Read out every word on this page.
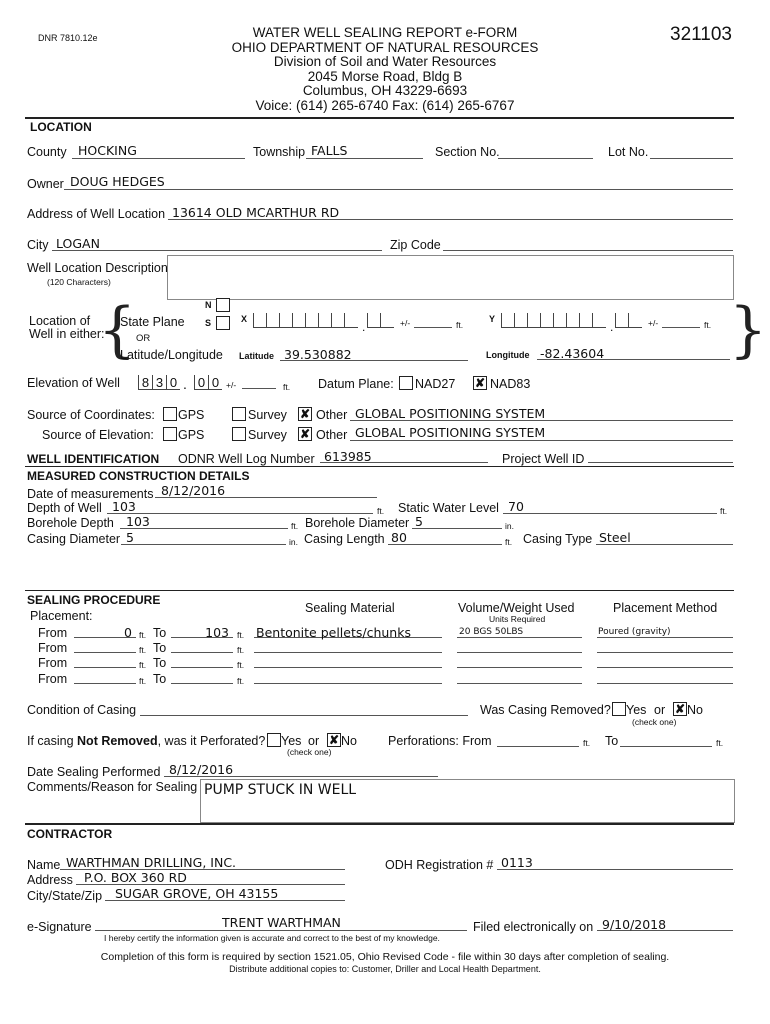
DNR 7810.12e	321103
WATER WELL SEALING REPORT e-FORM
OHIO DEPARTMENT OF NATURAL RESOURCES
Division of Soil and Water Resources
2045 Morse Road, Bldg B
Columbus, OH 43229-6693
Voice: (614) 265-6740 Fax: (614) 265-6767
LOCATION
County HOCKING	Township FALLS	Section No.	Lot No.
Owner DOUG HEDGES
Address of Well Location 13614 OLD MCARTHUR RD
City LOGAN	Zip Code
Well Location Description
(120 Characters)
Location of
Well in either:
{
State Plane
OR
Latitude/Longitude
N
S	X	+/-	ft.
Y	+/-	ft. }
Latitude 39.530882	Longitude -82.43604
Elevation of Well	.	+/-	ft. Datum Plane: NAD27 ✘ NAD83
Source of Coordinates: GPS	Survey ✘ Other GLOBAL POSITIONING SYSTEM
Source of Elevation: GPS	Survey ✘ Other GLOBAL POSITIONING SYSTEM
WELL IDENTIFICATION ODNR Well Log Number 613985	Project Well ID
MEASURED CONSTRUCTION DETAILS
Date of measurements 8/12/2016
Depth of Well 103	ft. Static Water Level 70	ft.
Borehole Depth 103	ft. Borehole Diameter 5	in.
Casing Diameter 5	in. Casing Length 80	ft. Casing Type Steel
SEALING PROCEDURE
Placement:
Sealing Material	Volume/Weight Used
Units Required
Placement Method
Condition of Casing	Was Casing Removed? Yes or ✘ No
(check one)
If casing Not Removed, was it Perforated? Yes or ✘ No
(check one)
Perforations: From	ft. To	ft.
Date Sealing Performed 8/12/2016
Comments/Reason for Sealing PUMP STUCK IN WELL
CONTRACTOR
Name WARTHMAN DRILLING, INC.	ODH Registration # 0113
Address P.O. BOX 360 RD
City/State/Zip SUGAR GROVE, OH 43155
e-Signature	TRENT WARTHMAN
I hereby certify the information given is accurate and correct to the best of my knowledge.
Filed electronically on 9/10/2018
Completion of this form is required by section 1521.05, Ohio Revised Code - file within 30 days after completion of sealing.
Distribute additional copies to: Customer, Driller and Local Health Department.
.	.
8 3 0 0 0
From	0 ft. To	103 ft. Bentonite pellets/chunks	20 BGS 50LBS	Poured (gravity)
From	ft. To	ft.
From	ft. To	ft.
From	ft. To	ft.
